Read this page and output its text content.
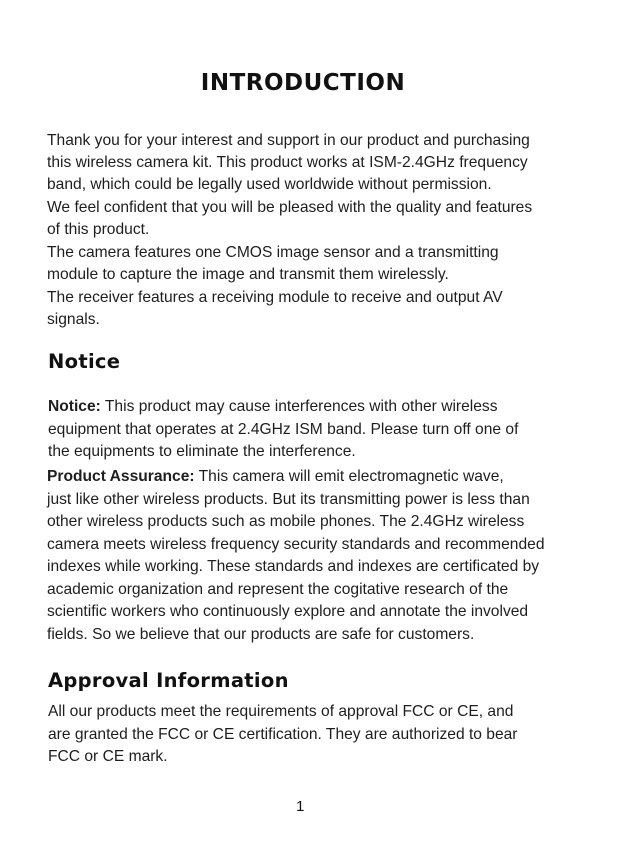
INTRODUCTION
Thank you for your interest and support in our product and purchasing
this wireless camera kit. This product works at ISM-2.4GHz frequency
band, which could be legally used worldwide without permission.
We feel confident that you will be pleased with the quality and features
of this product.
The camera features one CMOS image sensor and a transmitting
module to capture the image and transmit them wirelessly.
The receiver features a receiving module to receive and output AV
signals.
Notice
Notice: This product may cause interferences with other wireless
equipment that operates at 2.4GHz ISM band. Please turn off one of
the equipments to eliminate the interference.
Product Assurance: This camera will emit electromagnetic wave,
just like other wireless products. But its transmitting power is less than
other wireless products such as mobile phones. The 2.4GHz wireless
camera meets wireless frequency security standards and recommended
indexes while working. These standards and indexes are certificated by
academic organization and represent the cogitative research of the
scientific workers who continuously explore and annotate the involved
fields. So we believe that our products are safe for customers.
Approval Information
All our products meet the requirements of approval FCC or CE, and
are granted the FCC or CE certification. They are authorized to bear
FCC or CE mark.
1
